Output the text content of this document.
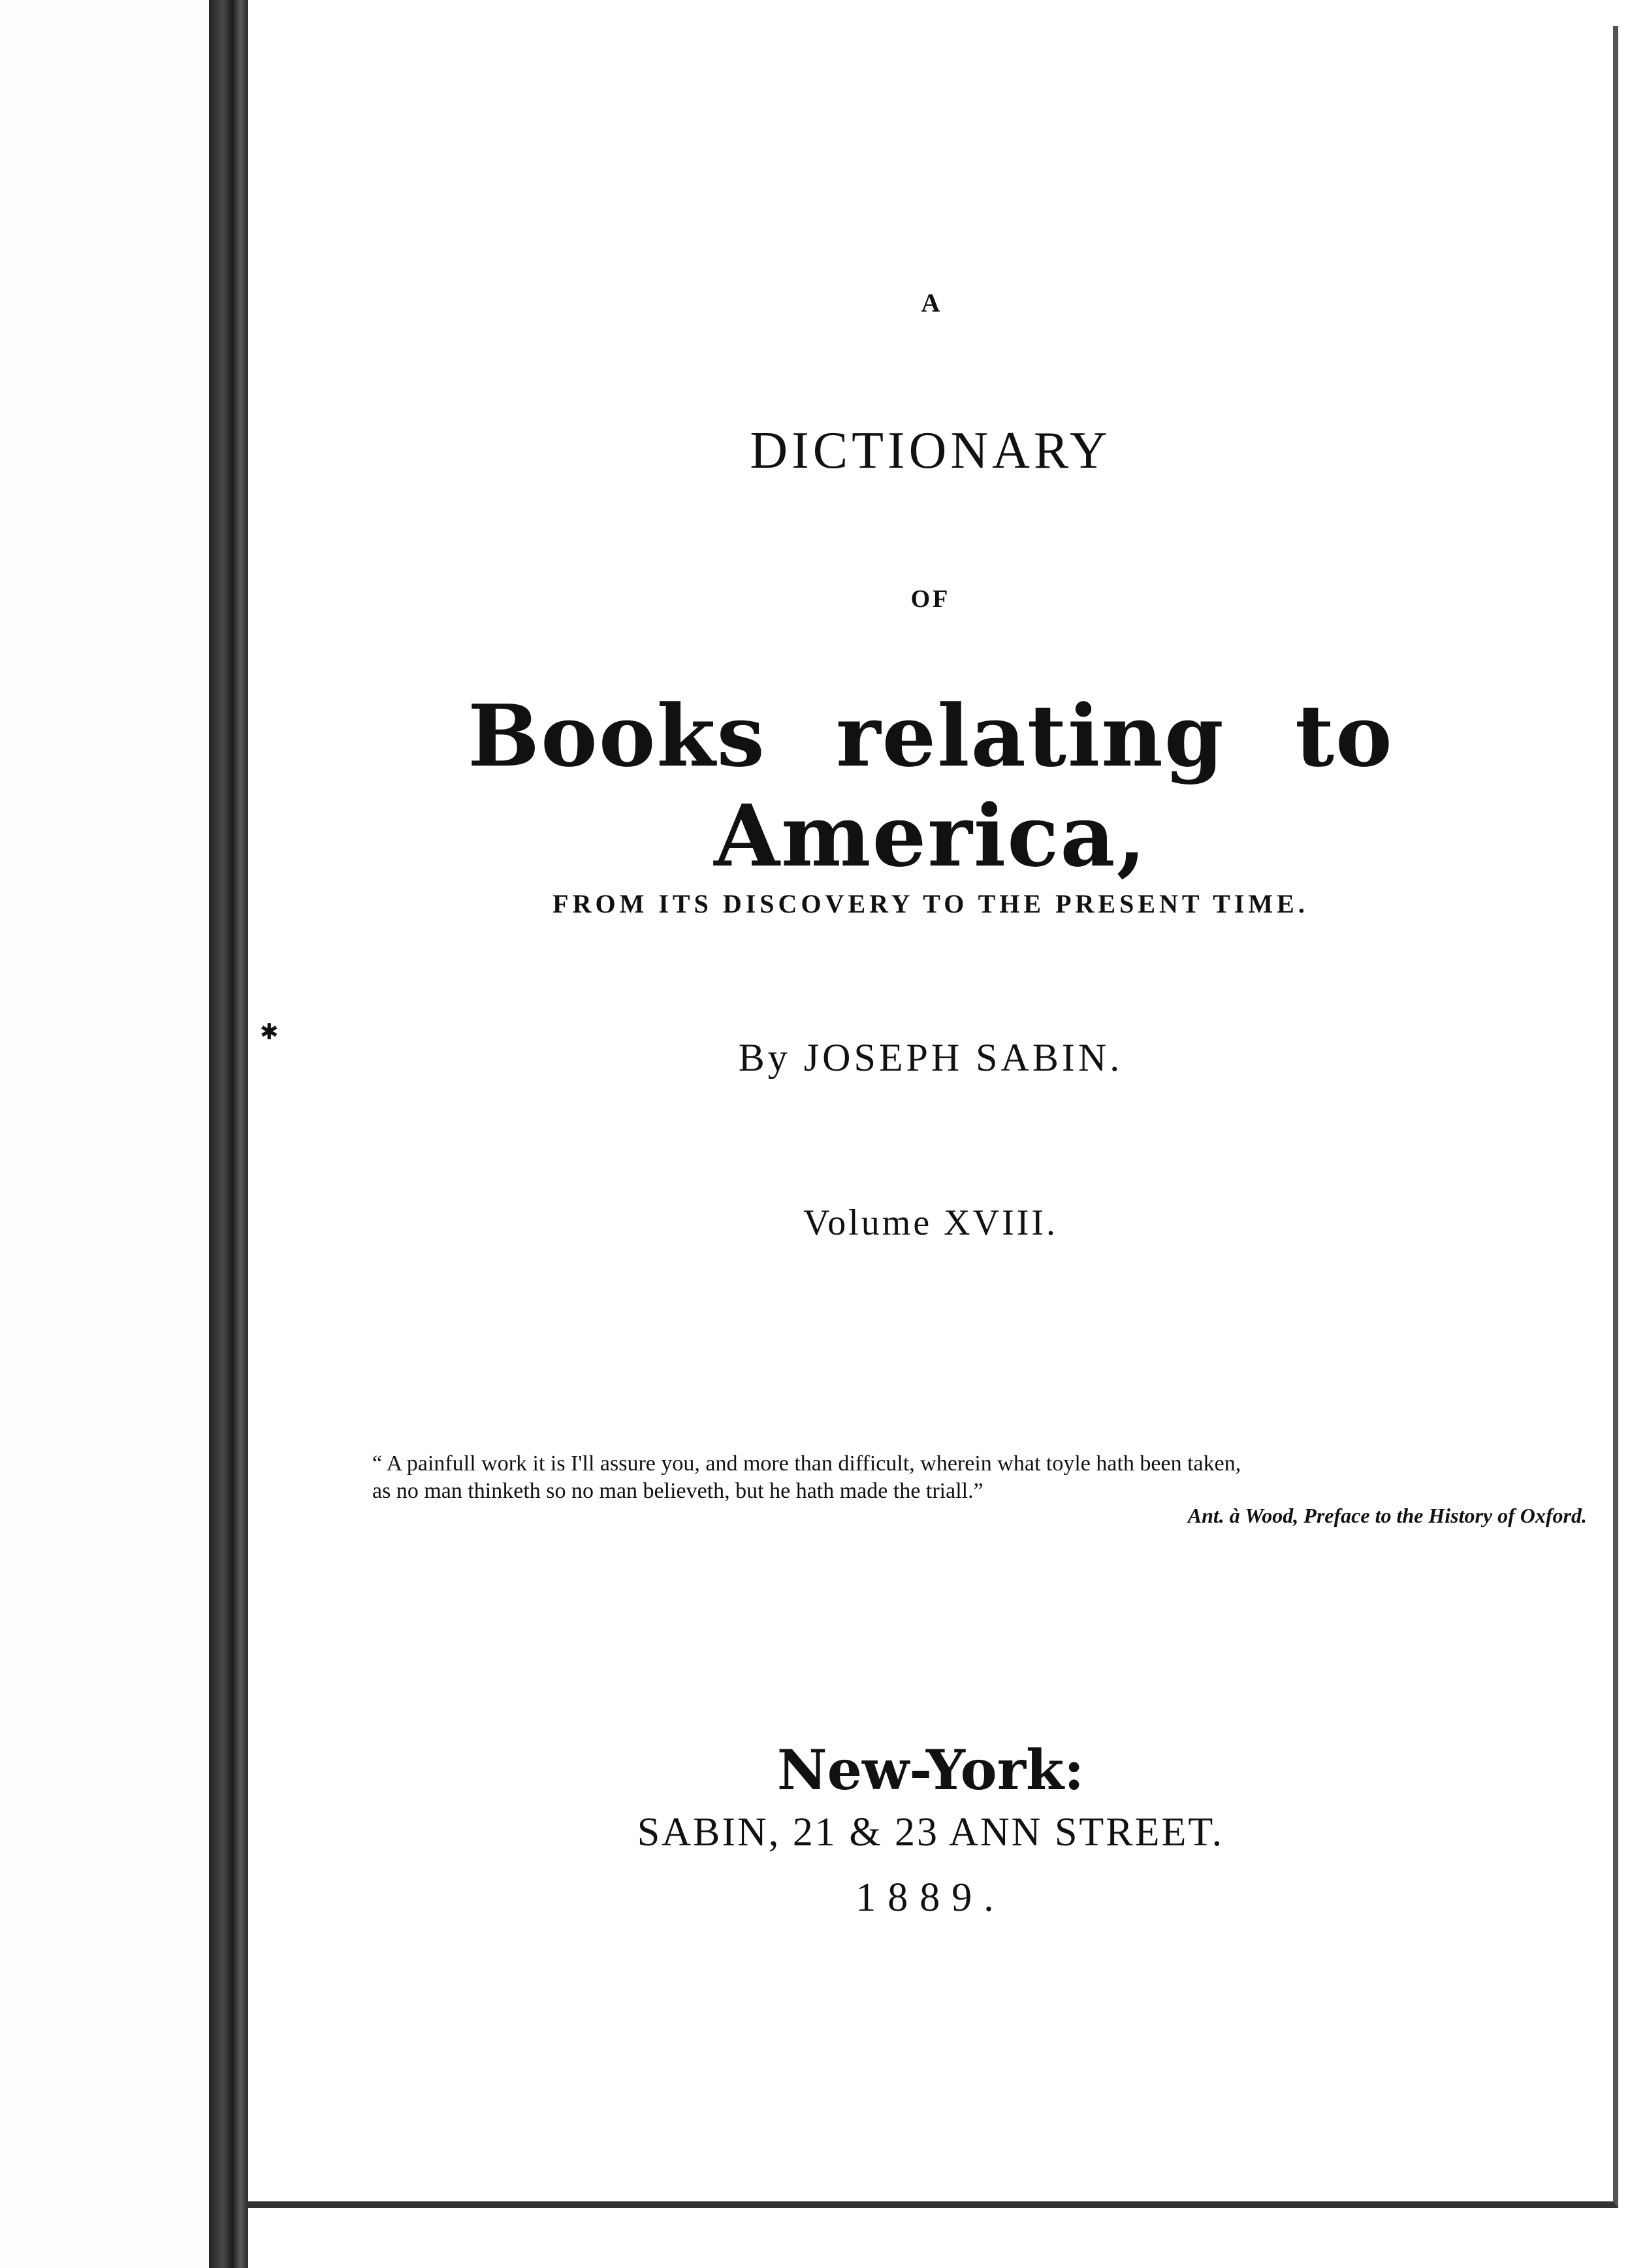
A
DICTIONARY
OF
Books relating to America,
FROM ITS DISCOVERY TO THE PRESENT TIME.
By JOSEPH SABIN.
Volume XVIII.

“ A painfull work it is I'll assure you, and more than difficult, wherein what toyle hath been taken,

as no man thinketh so no man believeth, but he hath made the triall.”

Ant. à Wood, Preface to the History of Oxford.
New-York:
SABIN, 21 & 23 ANN STREET.
1889.
✱
